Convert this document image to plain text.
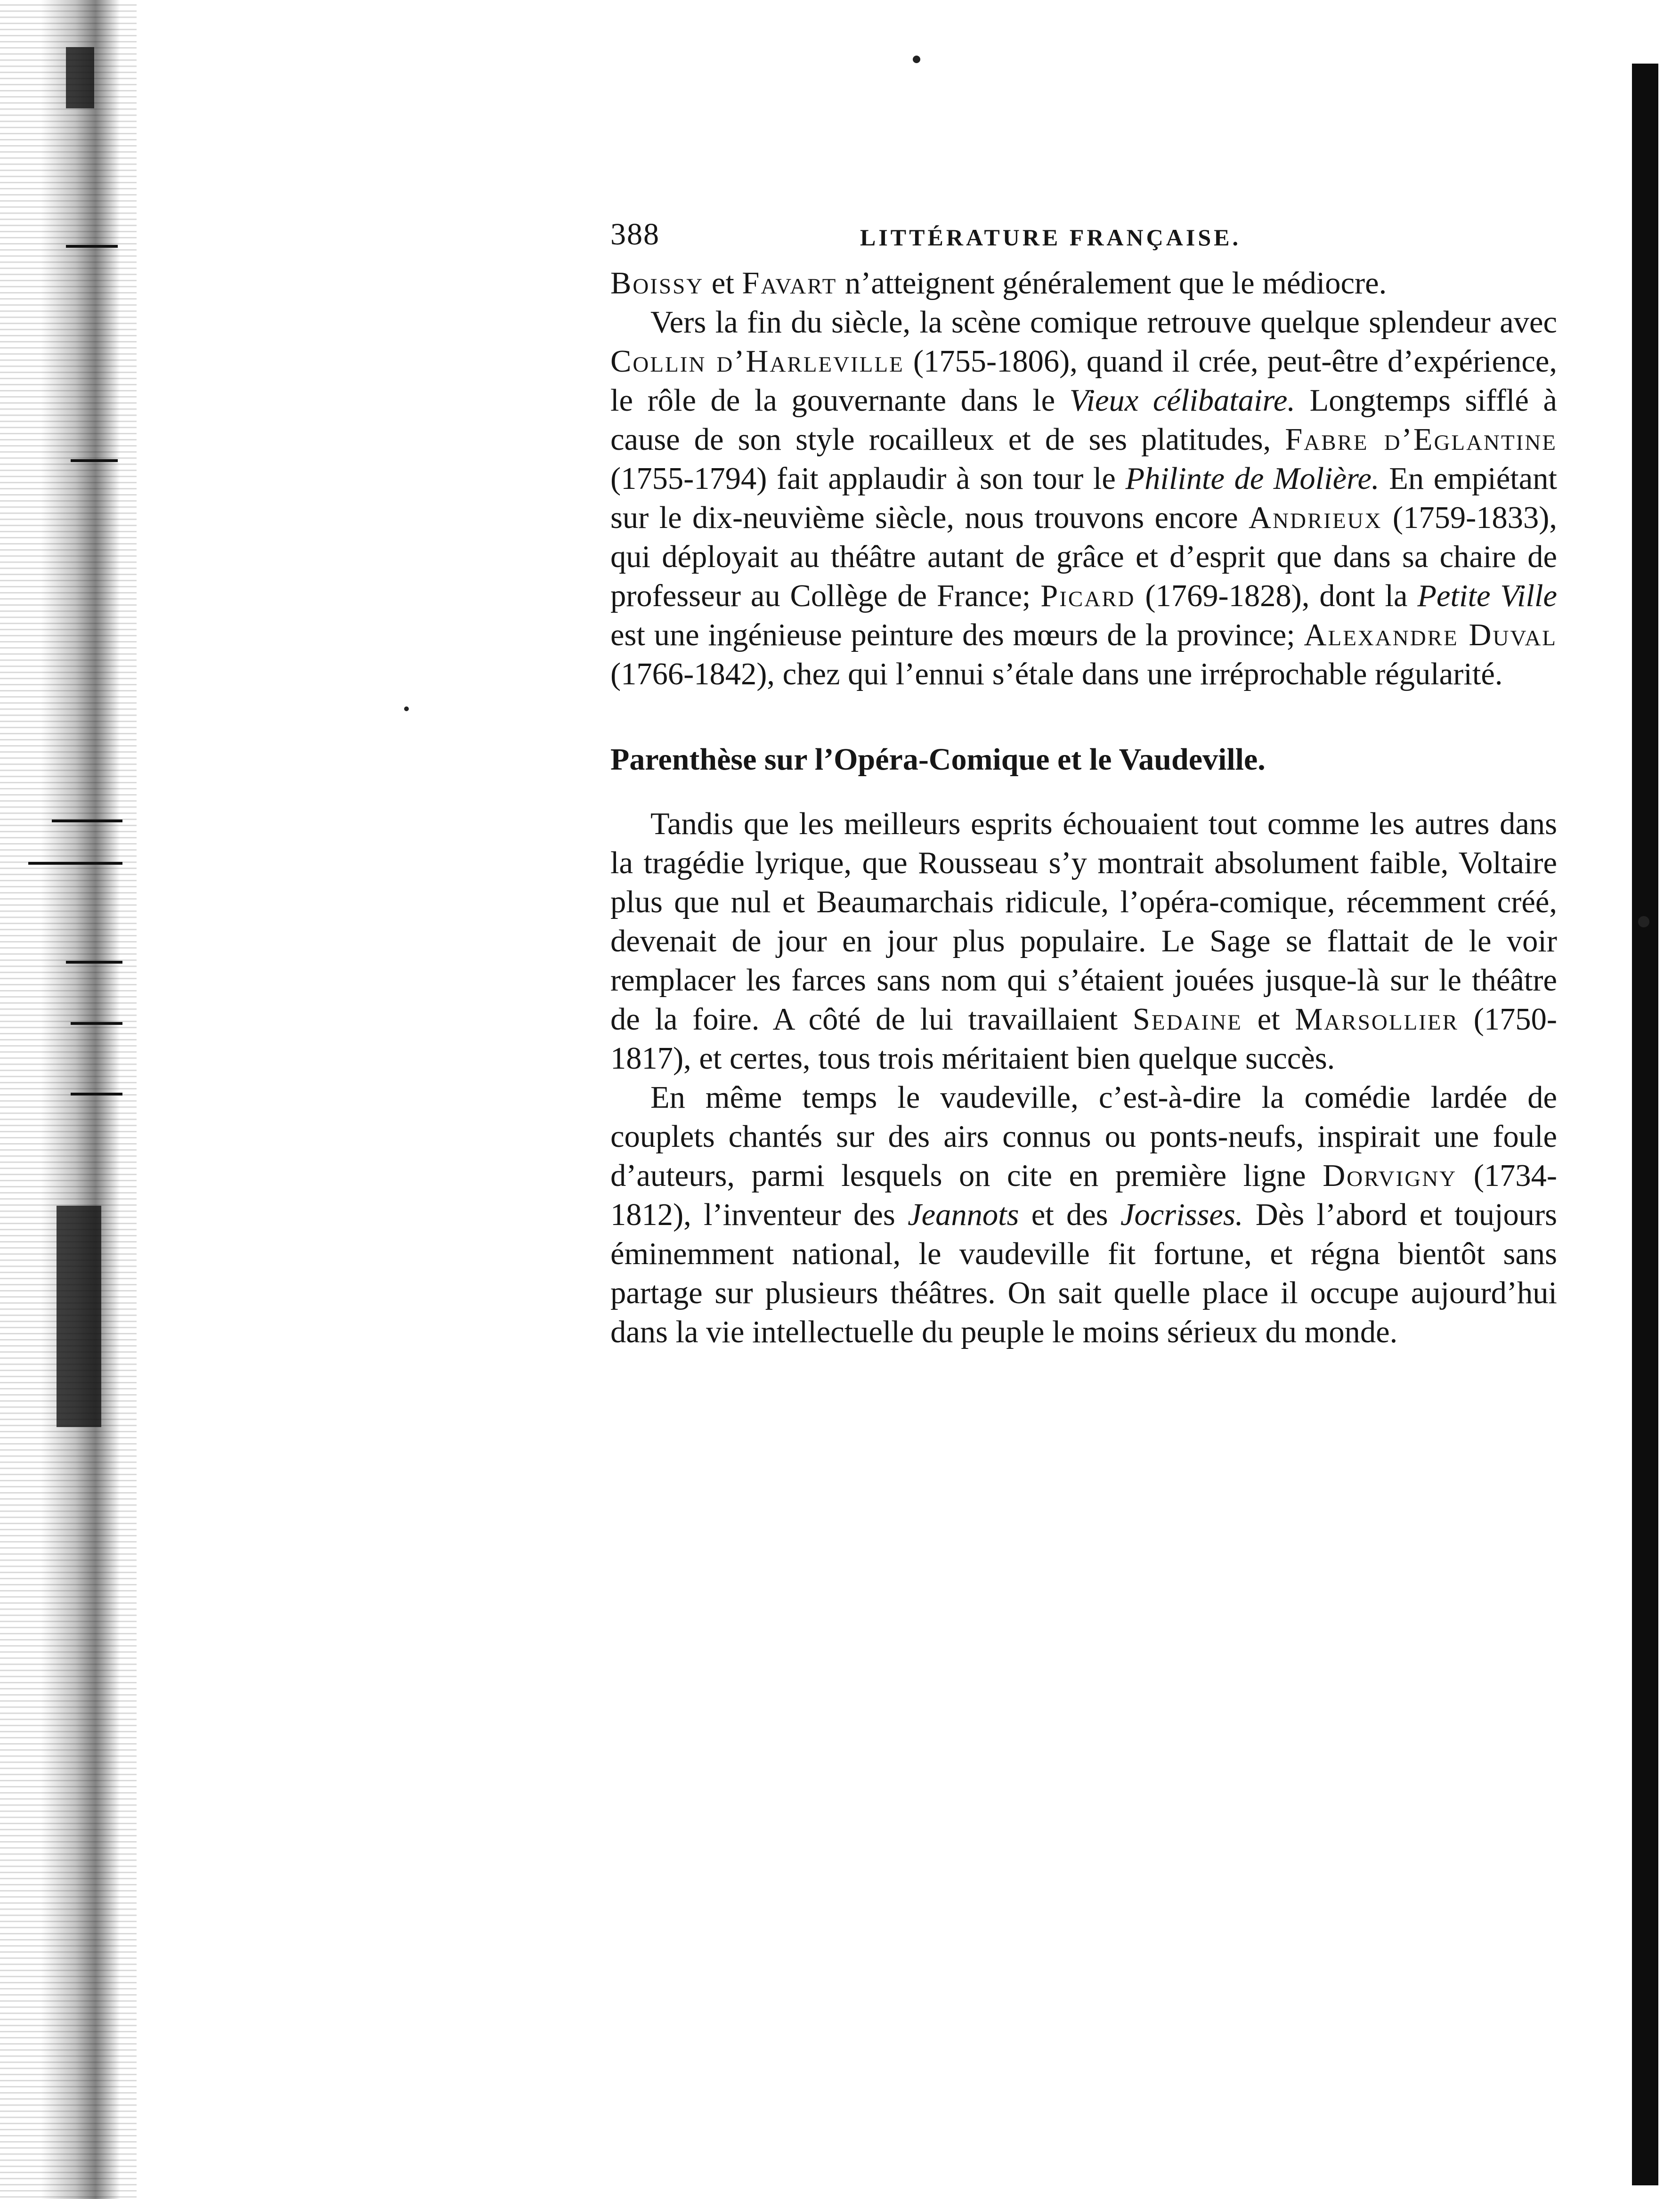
388	LITTÉRATURE FRANÇAISE.

Boissy et Favart n’atteignent généralement que le médiocre.

Vers la fin du siècle, la scène comique retrouve quelque splendeur avec Collin d’Harleville (1755-1806), quand il crée, peut-être d’expérience, le rôle de la gouvernante dans le Vieux célibataire. Longtemps sifflé à cause de son style rocailleux et de ses platitudes, Fabre d’Eglantine (1755-1794) fait applaudir à son tour le Philinte de Molière. En empiétant sur le dix-neuvième siècle, nous trouvons encore Andrieux (1759-1833), qui déployait au théâtre autant de grâce et d’esprit que dans sa chaire de professeur au Collège de France; Picard (1769-1828), dont la Petite Ville est une ingénieuse peinture des mœurs de la province; Alexandre Duval (1766-1842), chez qui l’ennui s’étale dans une irréprochable régularité.

Parenthèse sur l’Opéra-Comique et le Vaudeville.

Tandis que les meilleurs esprits échouaient tout comme les autres dans la tragédie lyrique, que Rousseau s’y montrait absolument faible, Voltaire plus que nul et Beaumarchais ridicule, l’opéra-comique, récemment créé, devenait de jour en jour plus populaire. Le Sage se flattait de le voir remplacer les farces sans nom qui s’étaient jouées jusque-là sur le théâtre de la foire. A côté de lui travaillaient Sedaine et Marsollier (1750-1817), et certes, tous trois méritaient bien quelque succès.

En même temps le vaudeville, c’est-à-dire la comédie lardée de couplets chantés sur des airs connus ou ponts-neufs, inspirait une foule d’auteurs, parmi lesquels on cite en première ligne Dorvigny (1734-1812), l’inventeur des Jeannots et des Jocrisses. Dès l’abord et toujours éminemment national, le vaudeville fit fortune, et régna bientôt sans partage sur plusieurs théâtres. On sait quelle place il occupe aujourd’hui dans la vie intellectuelle du peuple le moins sérieux du monde.
